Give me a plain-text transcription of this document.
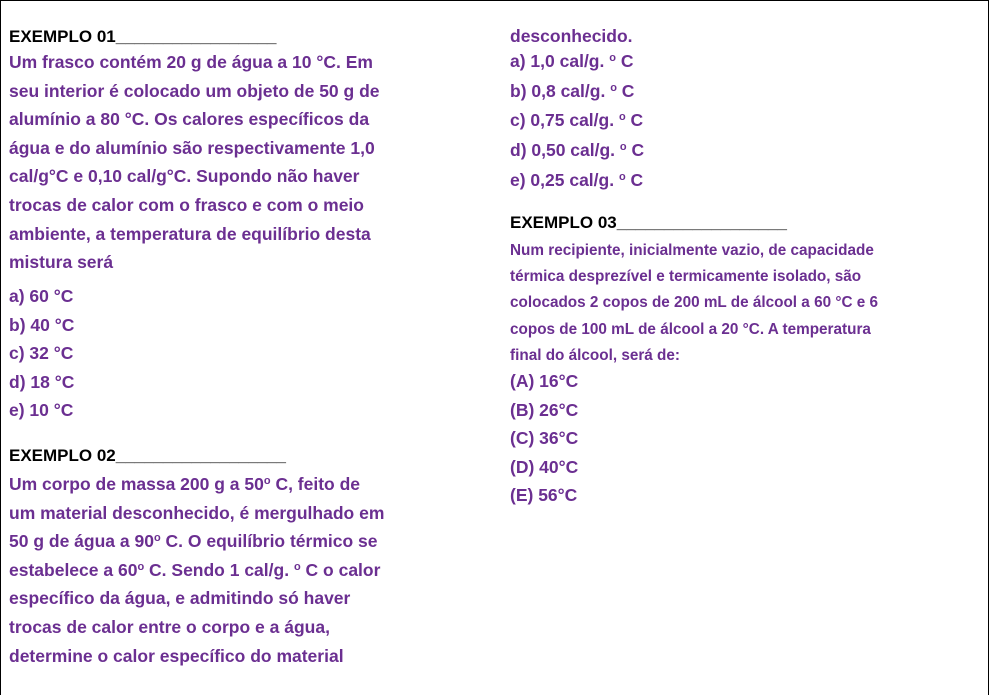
EXEMPLO 01_________________
Um frasco contém 20 g de água a 10 °C. Em
seu interior é colocado um objeto de 50 g de
alumínio a 80 °C. Os calores específicos da
água e do alumínio são respectivamente 1,0
cal/g°C e 0,10 cal/g°C. Supondo não haver
trocas de calor com o frasco e com o meio
ambiente, a temperatura de equilíbrio desta
mistura será
a) 60 °C
b) 40 °C
c) 32 °C
d) 18 °C
e) 10 °C
EXEMPLO 02__________________
Um corpo de massa 200 g a 50$^o$ C, feito de
um material desconhecido, é mergulhado em
50 g de água a 90$^o$ C. O equilíbrio térmico se
estabelece a 60$^o$ C. Sendo 1 cal/g. $^o$ C o calor
específico da água, e admitindo só haver
trocas de calor entre o corpo e a água,
determine o calor específico do material
desconhecido.
a) 1,0 cal/g. $^o$ C
b) 0,8 cal/g. $^o$ C
c) 0,75 cal/g. $^o$ C
d) 0,50 cal/g. $^o$ C
e) 0,25 cal/g. $^o$ C
EXEMPLO 03__________________
Num recipiente, inicialmente vazio, de capacidade
térmica desprezível e termicamente isolado, são
colocados 2 copos de 200 mL de álcool a 60 °C e 6
copos de 100 mL de álcool a 20 °C. A temperatura
final do álcool, será de:
(A) 16°C
(B) 26°C
(C) 36°C
(D) 40°C
(E) 56°C
